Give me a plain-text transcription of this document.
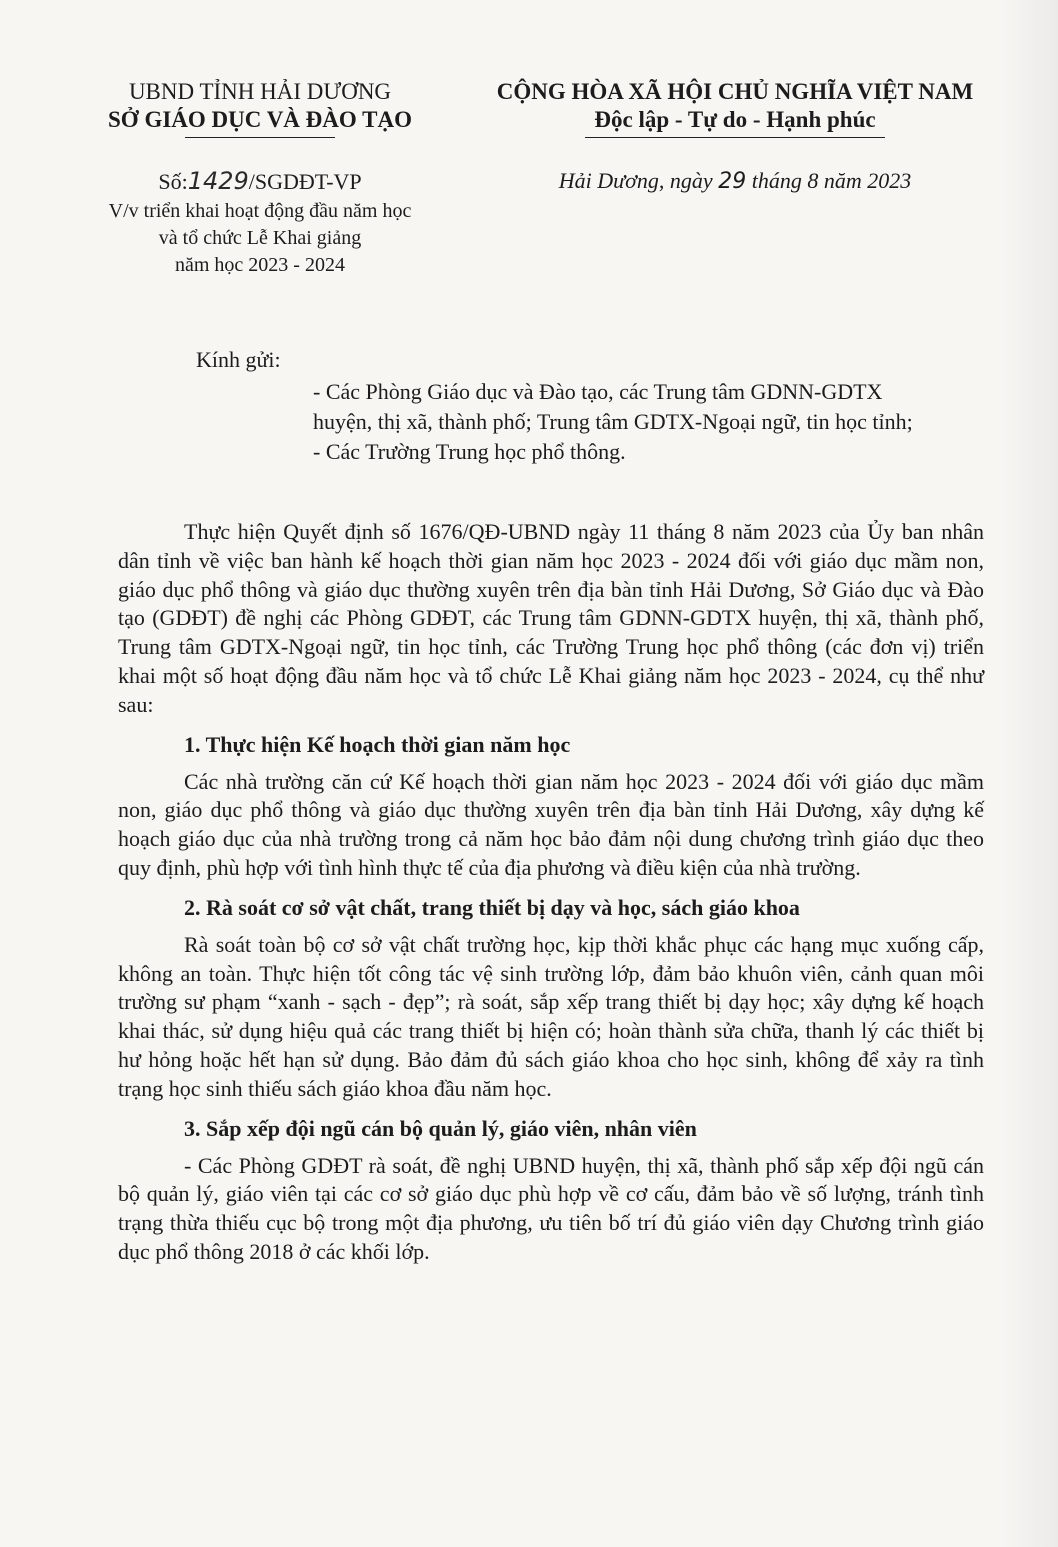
UBND TỈNH HẢI DƯƠNG
SỞ GIÁO DỤC VÀ ĐÀO TẠO
CỘNG HÒA XÃ HỘI CHỦ NGHĨA VIỆT NAM
Độc lập - Tự do - Hạnh phúc
Số:1429/SGDĐT-VP
V/v triển khai hoạt động đầu năm học
và tổ chức Lễ Khai giảng
năm học 2023 - 2024
Hải Dương, ngày 29 tháng 8 năm 2023
Kính gửi:

- Các Phòng Giáo dục và Đào tạo, các Trung tâm GDNN-GDTX huyện, thị xã, thành phố; Trung tâm GDTX-Ngoại ngữ, tin học tỉnh;

- Các Trường Trung học phổ thông.

Thực hiện Quyết định số 1676/QĐ-UBND ngày 11 tháng 8 năm 2023 của Ủy ban nhân dân tỉnh về việc ban hành kế hoạch thời gian năm học 2023 - 2024 đối với giáo dục mầm non, giáo dục phổ thông và giáo dục thường xuyên trên địa bàn tỉnh Hải Dương, Sở Giáo dục và Đào tạo (GDĐT) đề nghị các Phòng GDĐT, các Trung tâm GDNN-GDTX huyện, thị xã, thành phố, Trung tâm GDTX-Ngoại ngữ, tin học tỉnh, các Trường Trung học phổ thông (các đơn vị) triển khai một số hoạt động đầu năm học và tổ chức Lễ Khai giảng năm học 2023 - 2024, cụ thể như sau:

1. Thực hiện Kế hoạch thời gian năm học

Các nhà trường căn cứ Kế hoạch thời gian năm học 2023 - 2024 đối với giáo dục mầm non, giáo dục phổ thông và giáo dục thường xuyên trên địa bàn tỉnh Hải Dương, xây dựng kế hoạch giáo dục của nhà trường trong cả năm học bảo đảm nội dung chương trình giáo dục theo quy định, phù hợp với tình hình thực tế của địa phương và điều kiện của nhà trường.

2. Rà soát cơ sở vật chất, trang thiết bị dạy và học, sách giáo khoa

Rà soát toàn bộ cơ sở vật chất trường học, kịp thời khắc phục các hạng mục xuống cấp, không an toàn. Thực hiện tốt công tác vệ sinh trường lớp, đảm bảo khuôn viên, cảnh quan môi trường sư phạm “xanh - sạch - đẹp”; rà soát, sắp xếp trang thiết bị dạy học; xây dựng kế hoạch khai thác, sử dụng hiệu quả các trang thiết bị hiện có; hoàn thành sửa chữa, thanh lý các thiết bị hư hỏng hoặc hết hạn sử dụng. Bảo đảm đủ sách giáo khoa cho học sinh, không để xảy ra tình trạng học sinh thiếu sách giáo khoa đầu năm học.

3. Sắp xếp đội ngũ cán bộ quản lý, giáo viên, nhân viên

- Các Phòng GDĐT rà soát, đề nghị UBND huyện, thị xã, thành phố sắp xếp đội ngũ cán bộ quản lý, giáo viên tại các cơ sở giáo dục phù hợp về cơ cấu, đảm bảo về số lượng, tránh tình trạng thừa thiếu cục bộ trong một địa phương, ưu tiên bố trí đủ giáo viên dạy Chương trình giáo dục phổ thông 2018 ở các khối lớp.
